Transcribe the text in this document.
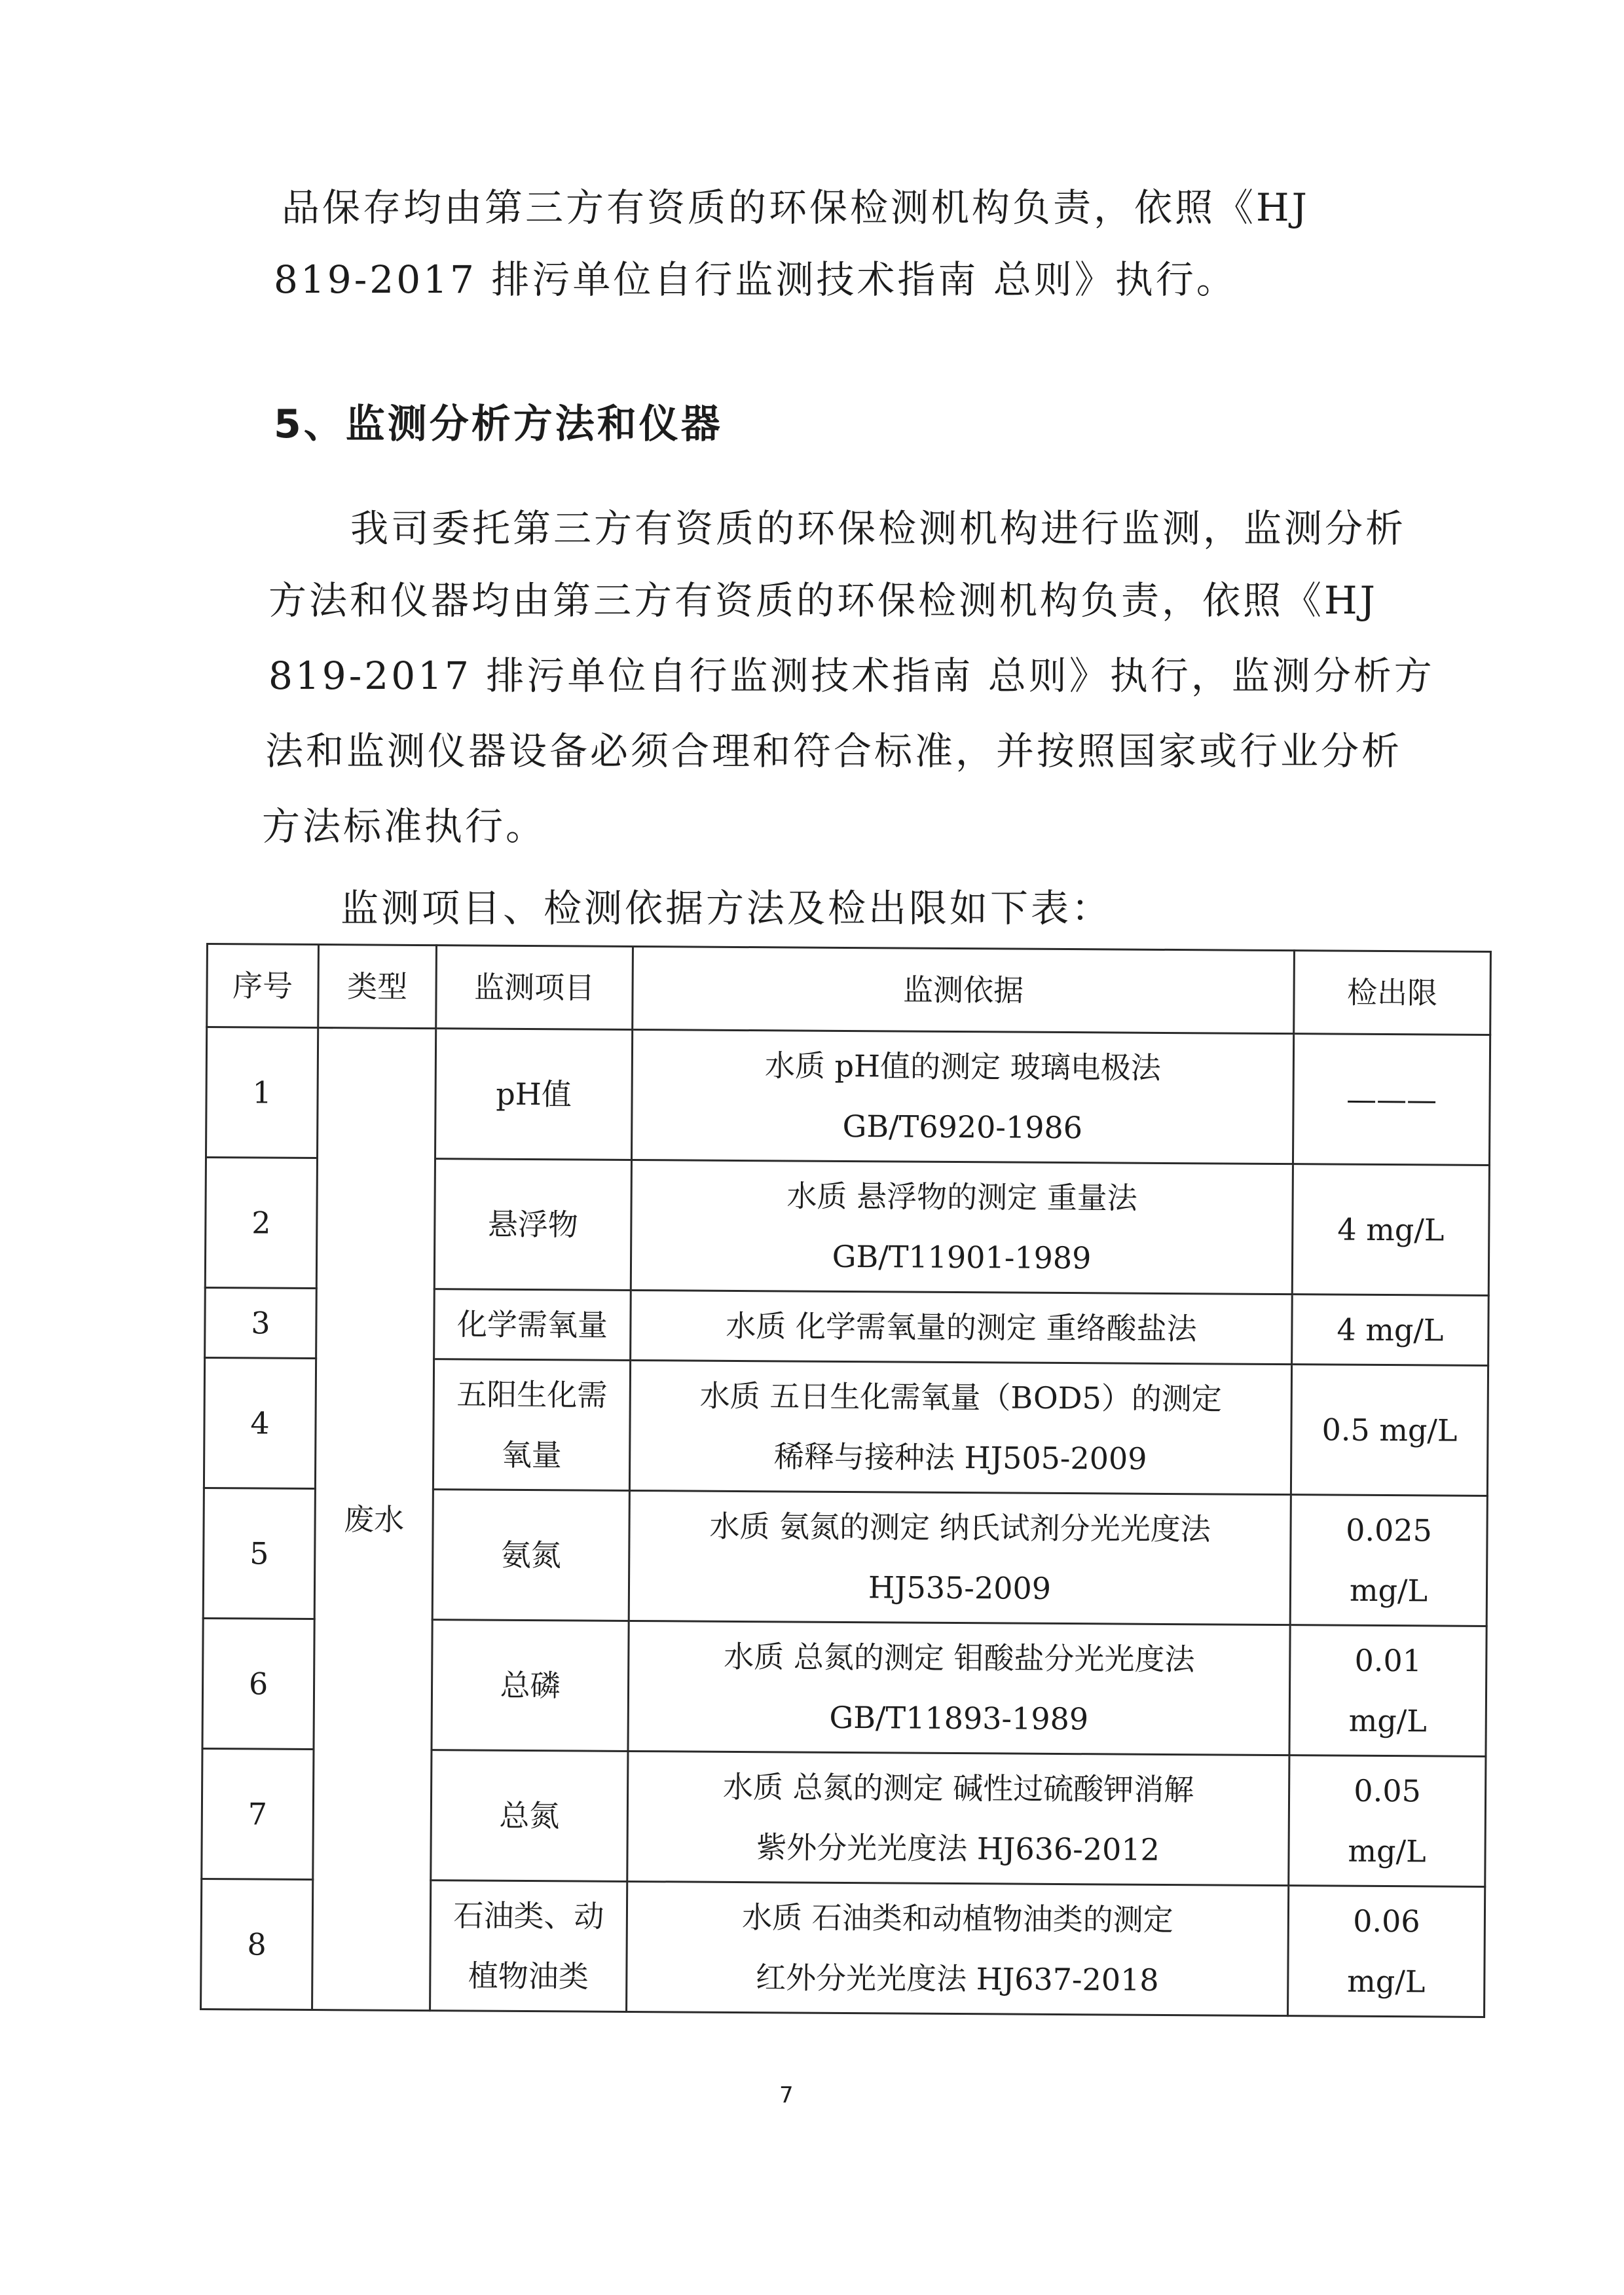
品保存均由第三方有资质的环保检测机构负责，依照《HJ
819-2017 排污单位自行监测技术指南 总则》执行。
5、监测分析方法和仪器
我司委托第三方有资质的环保检测机构进行监测，监测分析
方法和仪器均由第三方有资质的环保检测机构负责，依照《HJ
819-2017 排污单位自行监测技术指南 总则》执行，监测分析方
法和监测仪器设备必须合理和符合标准，并按照国家或行业分析
方法标准执行。
监测项目、检测依据方法及检出限如下表：
序号	类型	监测项目	监测依据	检出限
1	废水	pH值	水质 pH值的测定 玻璃电极法
GB/T6920-1986	———

2		悬浮物	水质 悬浮物的测定 重量法
GB/T11901-1989	4 mg/L

3		化学需氧量	水质 化学需氧量的测定 重络酸盐法	4 mg/L

4		五阳生化需
氧量	水质 五日生化需氧量（BOD5）的测定
稀释与接种法 HJ505-2009	0.5 mg/L

5		氨氮	水质 氨氮的测定 纳氏试剂分光光度法
HJ535-2009	0.025
mg/L

6		总磷	水质 总氮的测定 钼酸盐分光光度法
GB/T11893-1989	0.01
mg/L

7		总氮	水质 总氮的测定 碱性过硫酸钾消解
紫外分光光度法 HJ636-2012	0.05
mg/L

8		石油类、动
植物油类	水质 石油类和动植物油类的测定
红外分光光度法 HJ637-2018	0.06
mg/L
7
